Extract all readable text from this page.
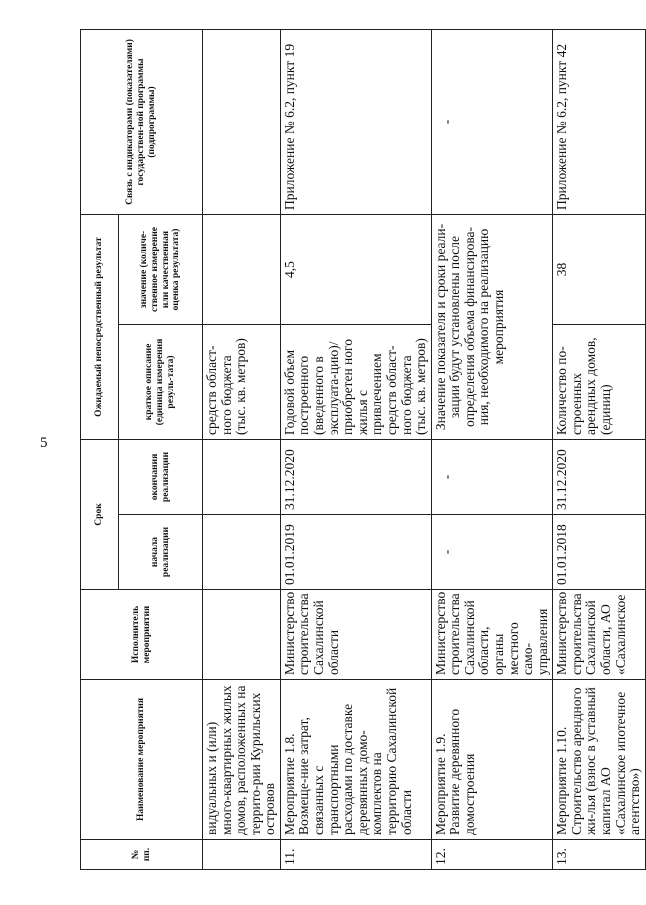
5
№ пп.	Наименование мероприятия	Исполнитель мероприятия	Срок		Ожидаемый непосредственный результат		Связь с индикаторами (показателями) государствен-ной программы (подпрограммы)
			начала реализации	окончания реализации	краткое описание (единица измерения резуль-тата)	значение (количе-ственное измерение или качественная оценка результата)	
	видуальных и (или) много-квартирных жилых домов, расположенных на террито-рии Курильских островов				средств област-ного бюджета (тыс. кв. метров)		
11.	Мероприятие 1.8. Возмеще-ние затрат, связанных с транспортными расходами по доставке деревянных домо-комплектов на территорию Сахалинской области	Министерство строительства Сахалинской области	01.01.2019	31.12.2020	Годовой объем построенного (введенного в эксплуата-цию)/приобретен ного жилья с привлечением средств област-ного бюджета (тыс. кв. метров)	4,5	Приложение № 6.2, пункт 19
12.	Мероприятие 1.9. Развитие деревянного домостроения	Министерство строительства Сахалинской области, органы местного само-управления	-	-	Значение показателя и сроки реали-зации будут установлены после определения объема финансирова-ния, необходимого на реализацию мероприятия		-
13.	Мероприятие 1.10. Строительство арендного жи-лья (взнос в уставный капитал АО «Сахалинское ипотечное агентство»)	Министерство строительства Сахалинской области, АО «Сахалинское	01.01.2018	31.12.2020	Количество по-строенных арендных домов, (единиц)	38	Приложение № 6.2, пункт 42
